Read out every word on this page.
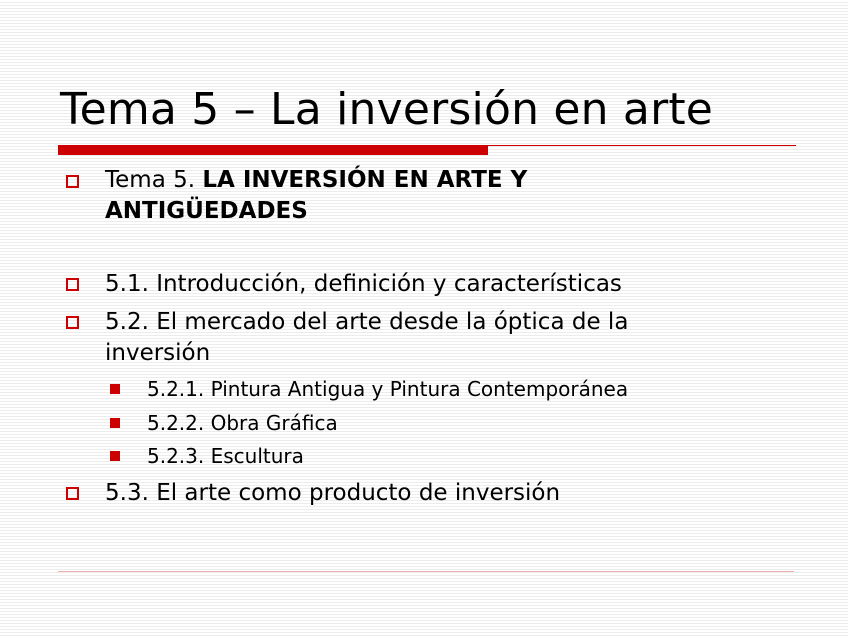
Tema 5 – La inversión en arte
Tema 5. LA INVERSIÓN EN ARTE Y
ANTIGÜEDADES
5.1. Introducción, definición y características
5.2. El mercado del arte desde la óptica de la
inversión
5.2.1. Pintura Antigua y Pintura Contemporánea
5.2.2. Obra Gráfica
5.2.3. Escultura
5.3. El arte como producto de inversión
